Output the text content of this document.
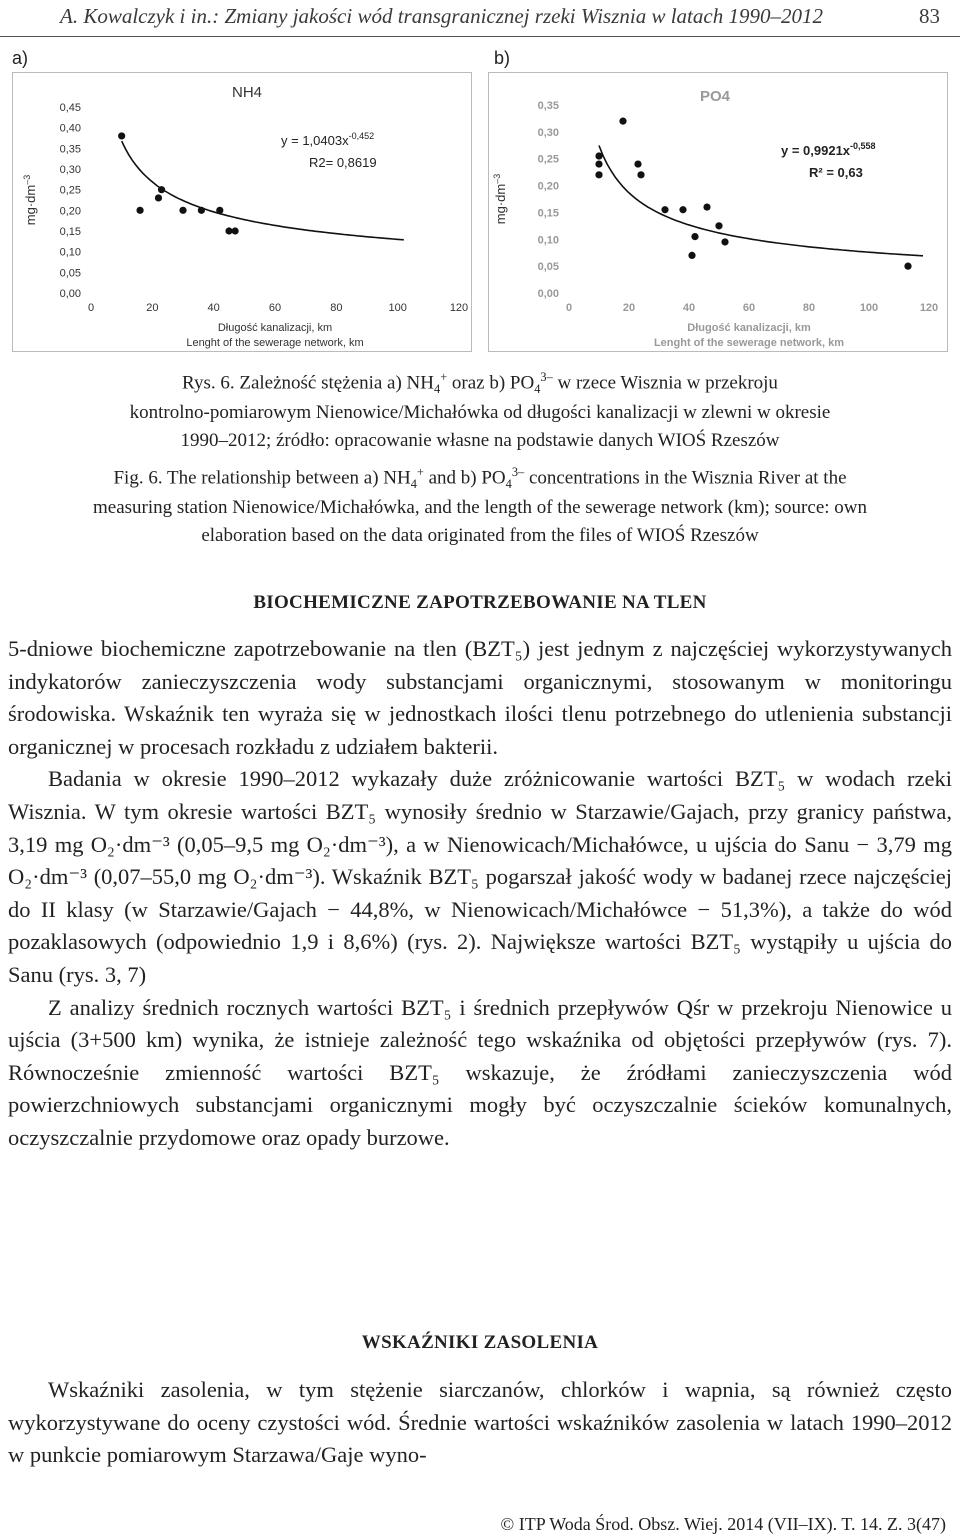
A. Kowalczyk i in.: Zmiany jakości wód transgranicznej rzeki Wisznia w latach 1990–2012	83
a)
NH4
0,00
0,05
0,10
0,15
0,20
0,25
0,30
0,35
0,40
0,45
0	20	40	60	80	100	120
$mg\cdot dm^{-3}$
Długość kanalizacji, km
Lenght of the sewerage network, km
$y = 1,0403x^{-0,452}$
R2= 0,8619
b)
PO4
0,00
0,05
0,10
0,15
0,20
0,25
0,30
0,35
0	20	40	60	80	100	120
$mg\cdot dm^{-3}$
Długość kanalizacji, km
Lenght of the sewerage network, km
$y = 0,9921x^{-0,558}$
R² = 0,63
Rys. 6. Zależność stężenia a) $NH_4^+$ oraz b) $PO_4^{3-}$ w rzece Wisznia w przekroju
kontrolno-pomiarowym Nienowice/Michałówka od długości kanalizacji w zlewni w okresie
1990–2012; źródło: opracowanie własne na podstawie danych WIOŚ Rzeszów
Fig. 6. The relationship between a) $NH_4^+$ and b) $PO_4^{3-}$ concentrations in the Wisznia River at the
measuring station Nienowice/Michałówka, and the length of the sewerage network (km); source: own
elaboration based on the data originated from the files of WIOŚ Rzeszów
BIOCHEMICZNE ZAPOTRZEBOWANIE NA TLEN

5-dniowe biochemiczne zapotrzebowanie na tlen (BZT₅) jest jednym z najczęściej wykorzystywanych indykatorów zanieczyszczenia wody substancjami organicznymi, stosowanym w monitoringu środowiska. Wskaźnik ten wyraża się w jednostkach ilości tlenu potrzebnego do utlenienia substancji organicznej w procesach rozkładu z udziałem bakterii.

Badania w okresie 1990–2012 wykazały duże zróżnicowanie wartości BZT₅ w wodach rzeki Wisznia. W tym okresie wartości BZT₅ wynosiły średnio w Starzawie/Gajach, przy granicy państwa, 3,19 mg O₂·dm⁻³ (0,05–9,5 mg O₂·dm⁻³), a w Nienowicach/Michałówce, u ujścia do Sanu − 3,79 mg O₂·dm⁻³ (0,07–55,0 mg O₂·dm⁻³). Wskaźnik BZT₅ pogarszał jakość wody w badanej rzece najczęściej do II klasy (w Starzawie/Gajach − 44,8%, w Nienowicach/Michałówce − 51,3%), a także do wód pozaklasowych (odpowiednio 1,9 i 8,6%) (rys. 2). Największe wartości BZT₅ wystąpiły u ujścia do Sanu (rys. 3, 7)

Z analizy średnich rocznych wartości BZT₅ i średnich przepływów Qśr w przekroju Nienowice u ujścia (3+500 km) wynika, że istnieje zależność tego wskaźnika od objętości przepływów (rys. 7). Równocześnie zmienność wartości BZT₅ wskazuje, że źródłami zanieczyszczenia wód powierzchniowych substancjami organicznymi mogły być oczyszczalnie ścieków komunalnych, oczyszczalnie przydomowe oraz opady burzowe.

WSKAŹNIKI ZASOLENIA

Wskaźniki zasolenia, w tym stężenie siarczanów, chlorków i wapnia, są również często wykorzystywane do oceny czystości wód. Średnie wartości wskaźników zasolenia w latach 1990–2012 w punkcie pomiarowym Starzawa/Gaje wyno-

© ITP Woda Środ. Obsz. Wiej. 2014 (VII–IX). T. 14. Z. 3(47)
